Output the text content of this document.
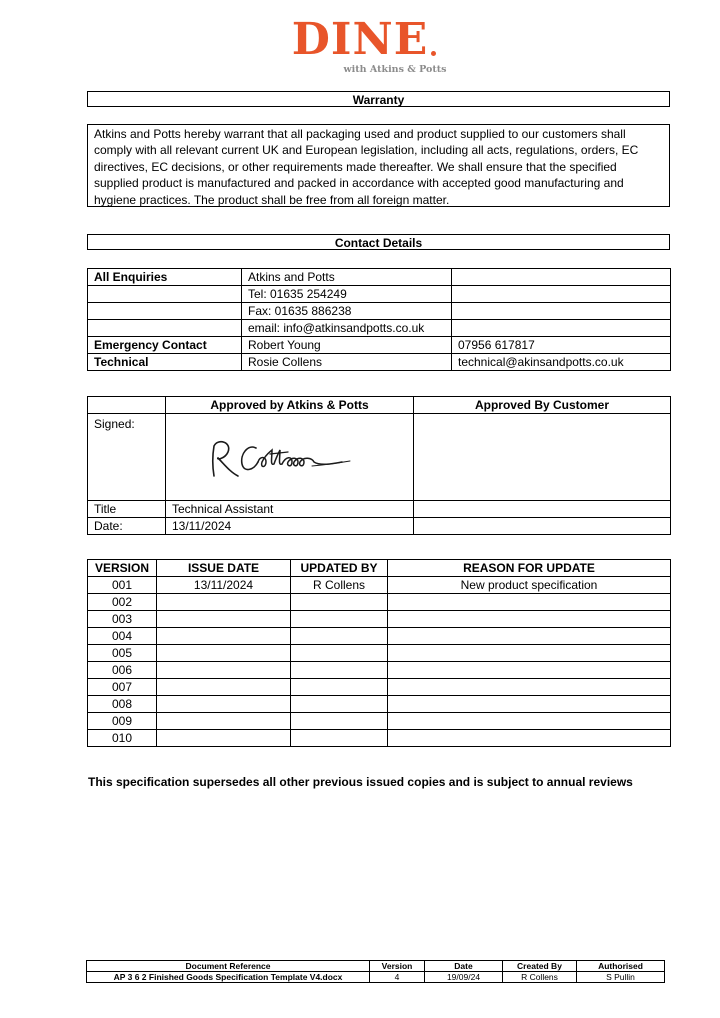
DINE
with Atkins & Potts
Warranty
Atkins and Potts hereby warrant that all packaging used and product supplied to our customers shall
comply with all relevant current UK and European legislation, including all acts, regulations, orders, EC
directives, EC decisions, or other requirements made thereafter. We shall ensure that the specified
supplied product is manufactured and packed in accordance with accepted good manufacturing and
hygiene practices. The product shall be free from all foreign matter.
Contact Details
All Enquiries	Atkins and Potts	
	Tel: 01635 254249	
	Fax: 01635 886238	
	email: info@atkinsandpotts.co.uk	
Emergency Contact	Robert Young	07956 617817
Technical	Rosie Collens	technical@akinsandpotts.co.uk
	Approved by Atkins & Potts	Approved By Customer
Signed:	

Title	Technical Assistant	
Date:	13/11/2024	
VERSION	ISSUE DATE	UPDATED BY	REASON FOR UPDATE
001	13/11/2024	R Collens	New product specification
002			
003			
004			
005			
006			
007			
008			
009			
010			
This specification supersedes all other previous issued copies and is subject to annual reviews
Document Reference	Version	Date	Created By	Authorised
AP 3 6 2 Finished Goods Specification Template V4.docx	4	19/09/24	R Collens	S Pullin
